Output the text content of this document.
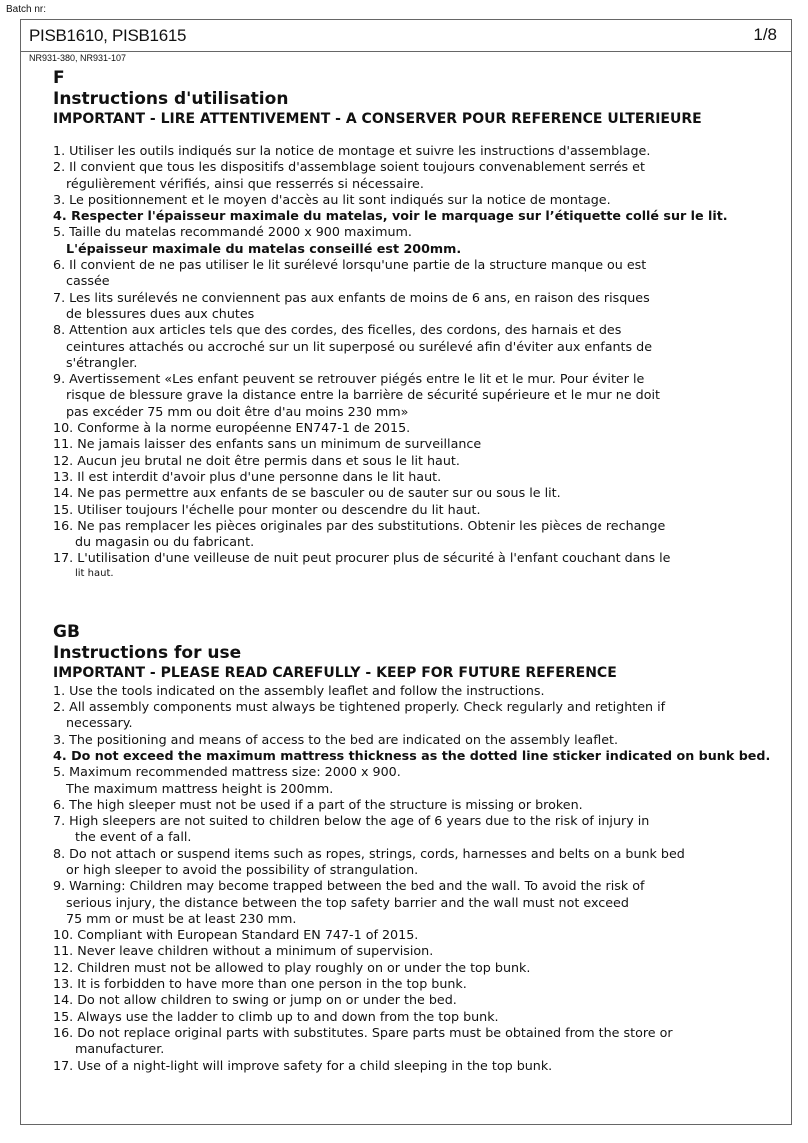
Batch nr:
PISB1610, PISB1615	1/8
NR931-380, NR931-107
F
Instructions d'utilisation
IMPORTANT - LIRE ATTENTIVEMENT - A CONSERVER POUR REFERENCE ULTERIEURE
1. Utiliser les outils indiqués sur la notice de montage et suivre les instructions d'assemblage.
2. Il convient que tous les dispositifs d'assemblage soient toujours convenablement serrés et
régulièrement vérifiés, ainsi que resserrés si nécessaire.
3. Le positionnement et le moyen d'accès au lit sont indiqués sur la notice de montage.
4. Respecter l'épaisseur maximale du matelas, voir le marquage sur l’étiquette collé sur le lit.
5. Taille du matelas recommandé 2000 x 900 maximum.
L'épaisseur maximale du matelas conseillé est 200mm.
6. Il convient de ne pas utiliser le lit surélevé lorsqu'une partie de la structure manque ou est
cassée
7. Les lits surélevés ne conviennent pas aux enfants de moins de 6 ans, en raison des risques
de blessures dues aux chutes
8. Attention aux articles tels que des cordes, des ficelles, des cordons, des harnais et des
ceintures attachés ou accroché sur un lit superposé ou surélevé afin d'éviter aux enfants de
s'étrangler.
9. Avertissement «Les enfant peuvent se retrouver piégés entre le lit et le mur. Pour éviter le
risque de blessure grave la distance entre la barrière de sécurité supérieure et le mur ne doit
pas excéder 75 mm ou doit être d'au moins 230 mm»
10. Conforme à la norme européenne EN747-1 de 2015.
11. Ne jamais laisser des enfants sans un minimum de surveillance
12. Aucun jeu brutal ne doit être permis dans et sous le lit haut.
13. Il est interdit d'avoir plus d'une personne dans le lit haut.
14. Ne pas permettre aux enfants de se basculer ou de sauter sur ou sous le lit.
15. Utiliser toujours l'échelle pour monter ou descendre du lit haut.
16. Ne pas remplacer les pièces originales par des substitutions. Obtenir les pièces de rechange
du magasin ou du fabricant.
17. L'utilisation d'une veilleuse de nuit peut procurer plus de sécurité à l'enfant couchant dans le
lit haut.
GB
Instructions for use
IMPORTANT - PLEASE READ CAREFULLY - KEEP FOR FUTURE REFERENCE
1. Use the tools indicated on the assembly leaflet and follow the instructions.
2. All assembly components must always be tightened properly. Check regularly and retighten if
necessary.
3. The positioning and means of access to the bed are indicated on the assembly leaflet.
4. Do not exceed the maximum mattress thickness as the dotted line sticker indicated on bunk bed.
5. Maximum recommended mattress size: 2000 x 900.
The maximum mattress height is 200mm.
6. The high sleeper must not be used if a part of the structure is missing or broken.
7. High sleepers are not suited to children below the age of 6 years due to the risk of injury in
the event of a fall.
8. Do not attach or suspend items such as ropes, strings, cords, harnesses and belts on a bunk bed
or high sleeper to avoid the possibility of strangulation.
9. Warning: Children may become trapped between the bed and the wall. To avoid the risk of
serious injury, the distance between the top safety barrier and the wall must not exceed
75 mm or must be at least 230 mm.
10. Compliant with European Standard EN 747-1 of 2015.
11. Never leave children without a minimum of supervision.
12. Children must not be allowed to play roughly on or under the top bunk.
13. It is forbidden to have more than one person in the top bunk.
14. Do not allow children to swing or jump on or under the bed.
15. Always use the ladder to climb up to and down from the top bunk.
16. Do not replace original parts with substitutes. Spare parts must be obtained from the store or
manufacturer.
17. Use of a night-light will improve safety for a child sleeping in the top bunk.
